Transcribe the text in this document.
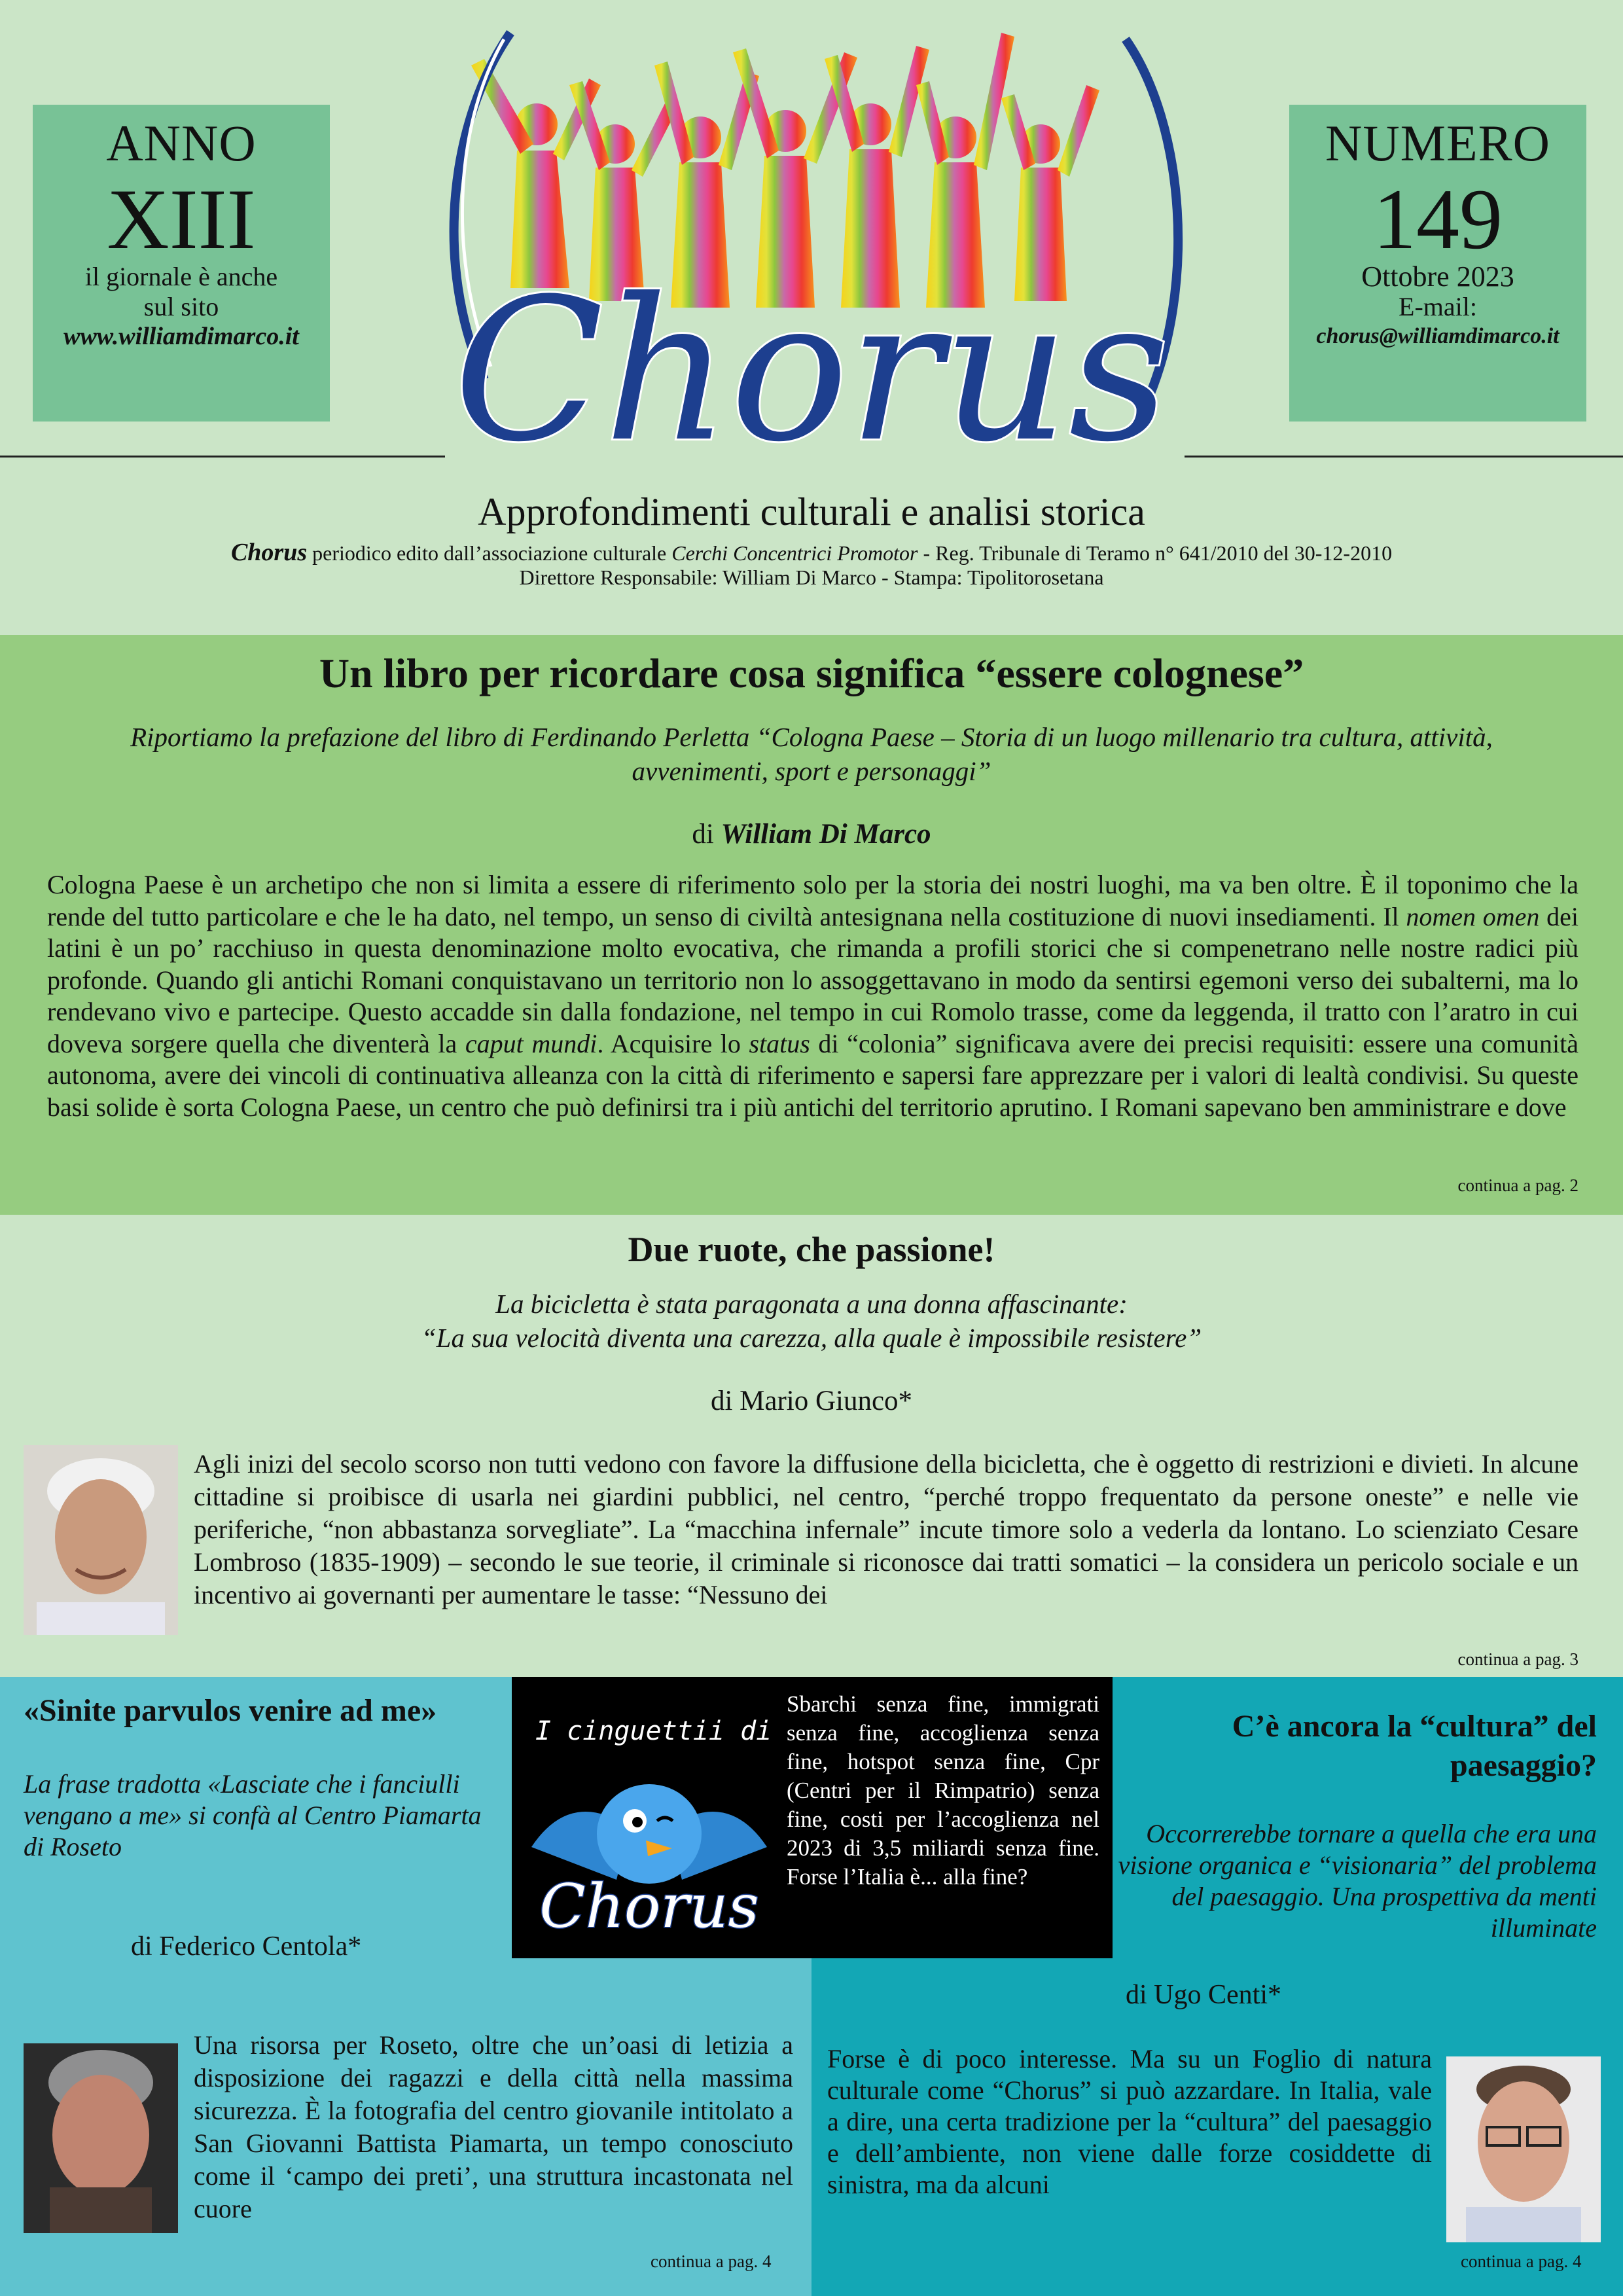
ANNO
XIII
il giornale è anche
sul sito
www.williamdimarco.it
NUMERO
149
Ottobre 2023
E-mail:
chorus@williamdimarco.it
Chorus
Approfondimenti culturali e analisi storica
Chorus periodico edito dall’associazione culturale Cerchi Concentrici Promotor - Reg. Tribunale di Teramo n° 641/2010 del 30-12-2010
Direttore Responsabile: William Di Marco - Stampa: Tipolitorosetana
Un libro per ricordare cosa significa “essere colognese”
Riportiamo la prefazione del libro di Ferdinando Perletta “Cologna Paese – Storia di un luogo millenario tra cultura, attività,
avvenimenti, sport e personaggi”
di William Di Marco
Cologna Paese è un archetipo che non si limita a essere di riferimento solo per la storia dei nostri luoghi, ma va ben oltre. È il toponimo che la rende del tutto particolare e che le ha dato, nel tempo, un senso di civiltà antesignana nella costituzione di nuovi insediamenti. Il nomen omen dei latini è un po’ racchiuso in questa denominazione molto evocativa, che rimanda a profili storici che si compenetrano nelle nostre radici più profonde. Quando gli antichi Romani conquistavano un territorio non lo assoggettavano in modo da sentirsi egemoni verso dei subalterni, ma lo rendevano vivo e partecipe. Questo accadde sin dalla fondazione, nel tempo in cui Romolo trasse, come da leggenda, il tratto con l’aratro in cui doveva sorgere quella che diventerà la caput mundi. Acquisire lo status di “colonia” significava avere dei precisi requisiti: essere una comunità autonoma, avere dei vincoli di continuativa alleanza con la città di riferimento e sapersi fare apprezzare per i valori di lealtà condivisi. Su queste basi solide è sorta Cologna Paese, un centro che può definirsi tra i più antichi del territorio aprutino. I Romani sapevano ben amministrare e dove
continua a pag. 2
Due ruote, che passione!
La bicicletta è stata paragonata a una donna affascinante:
“La sua velocità diventa una carezza, alla quale è impossibile resistere”
di Mario Giunco*
Agli inizi del secolo scorso non tutti vedono con favore la diffusione della bicicletta, che è oggetto di restrizioni e divieti. In alcune cittadine si proibisce di usarla nei giardini pubblici, nel centro, “perché troppo frequentato da persone oneste” e nelle vie periferiche, “non abbastanza sorvegliate”. La “macchina infernale” incute timore solo a vederla da lontano. Lo scienziato Cesare Lombroso (1835-1909) – secondo le sue teorie, il criminale si riconosce dai tratti somatici – la considera un pericolo sociale e un incentivo ai governanti per aumentare le tasse: “Nessuno dei
continua a pag. 3
«Sinite parvulos venire ad me»
La frase tradotta «Lasciate che i fanciulli vengano a me» si confà al Centro Piamarta di Roseto
di Federico Centola*
Una risorsa per Roseto, oltre che un’oasi di letizia a disposizione dei ragazzi e della città nella massima sicurezza. È la fotografia del centro giovanile intitolato a San Giovanni Battista Piamarta, un tempo conosciuto come il ‘campo dei preti’, una struttura incastonata nel cuore
continua a pag. 4
I cinguettii di
Chorus
Sbarchi senza fine, immigrati senza fine, accoglienza senza fine, hotspot senza fine, Cpr (Centri per il Rimpatrio) senza fine, costi per l’accoglienza nel 2023 di 3,5 miliardi senza fine. Forse l’Italia è... alla fine?
C’è ancora la “cultura” del paesaggio?
Occorrerebbe tornare a quella che era una visione organica e “visionaria” del problema del paesaggio. Una prospettiva da menti illuminate
di Ugo Centi*
Forse è di poco interesse. Ma su un Foglio di natura culturale come “Chorus” si può azzardare. In Italia, vale a dire, una certa tradizione per la “cultura” del paesaggio e dell’ambiente, non viene dalle forze cosiddette di sinistra, ma da alcuni
continua a pag. 4
